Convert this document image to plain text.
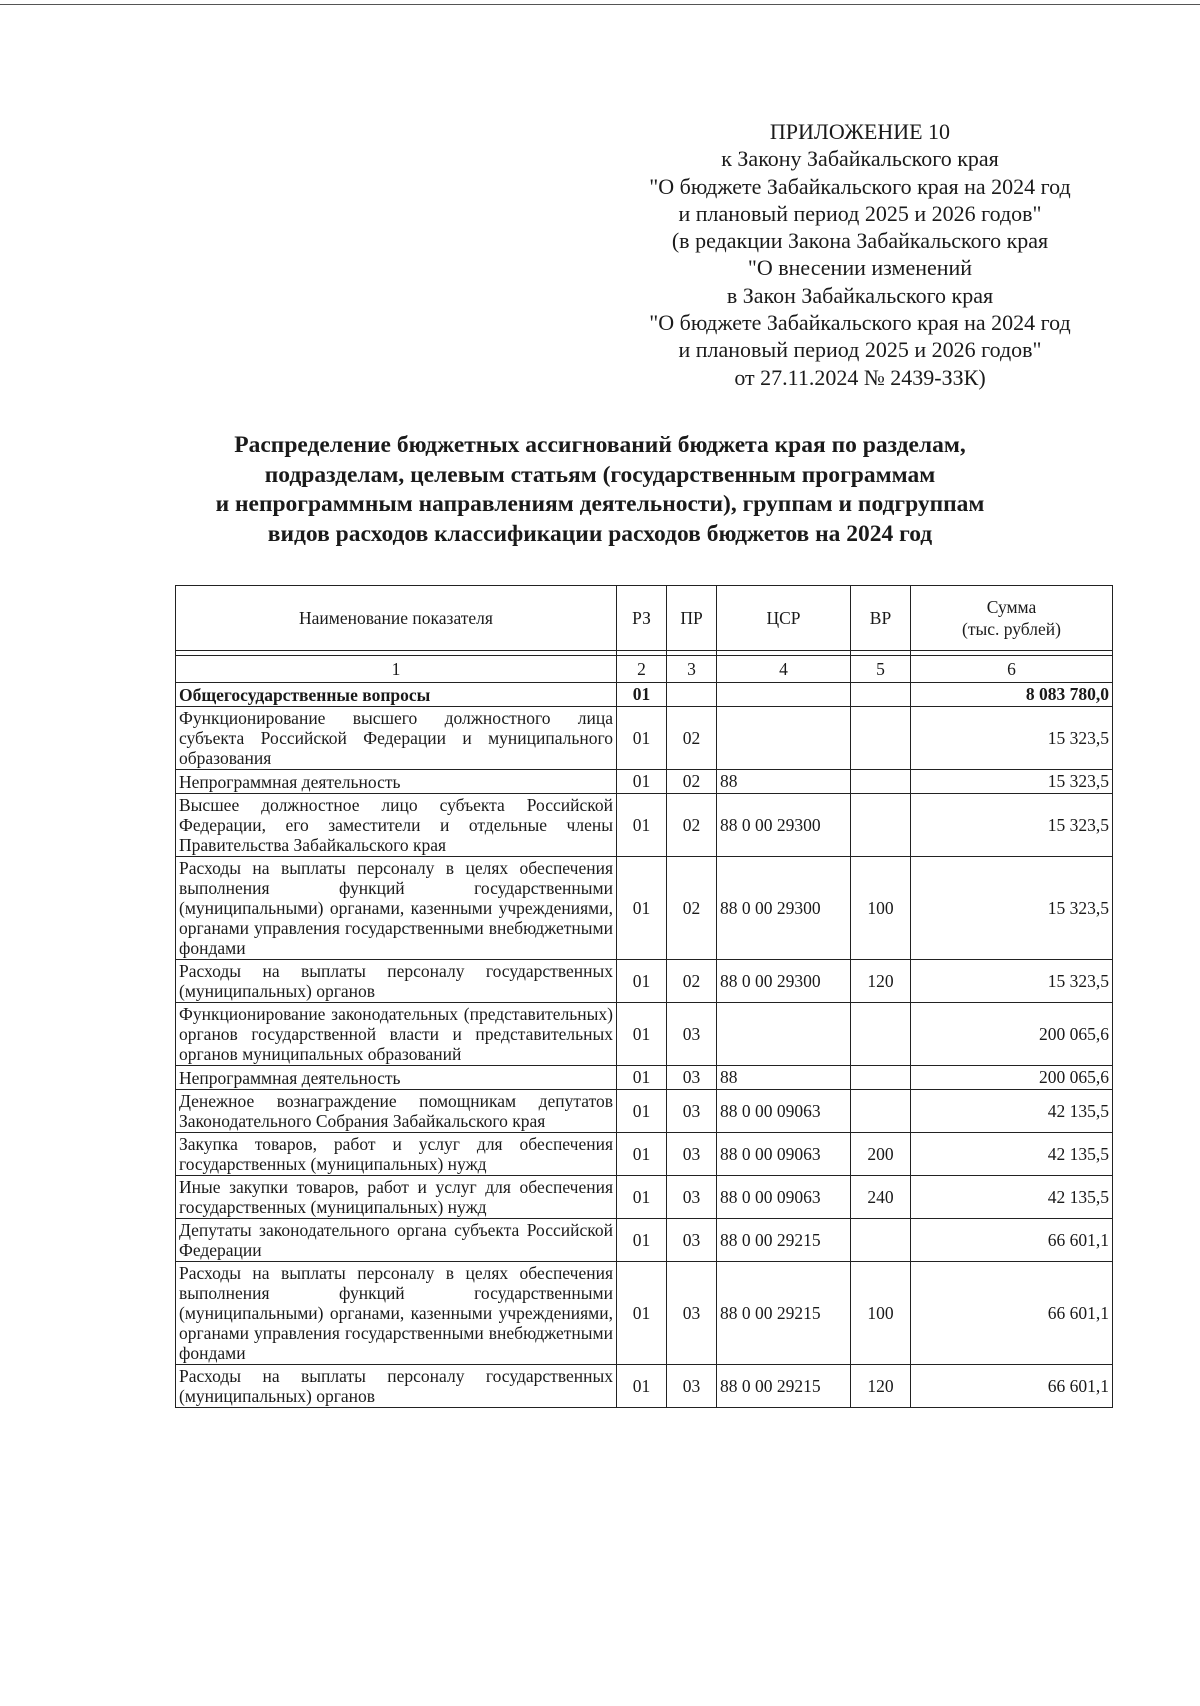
ПРИЛОЖЕНИЕ 10
к Закону Забайкальского края
"О бюджете Забайкальского края на 2024 год
и плановый период 2025 и 2026 годов"
(в редакции Закона Забайкальского края
"О внесении изменений
в Закон Забайкальского края
"О бюджете Забайкальского края на 2024 год
и плановый период 2025 и 2026 годов"
от 27.11.2024 № 2439-ЗЗК)
Распределение бюджетных ассигнований бюджета края по разделам,
подразделам, целевым статьям (государственным программам
и непрограммным направлениям деятельности), группам и подгруппам
видов расходов классификации расходов бюджетов на 2024 год
Наименование показателя	РЗ	ПР	ЦСР	ВР	Сумма
(тыс. рублей)

1	2	3	4	5	6
Общегосударственные вопросы	01				8 083 780,0
Функционирование высшего должностного лица субъекта Российской Федерации и муниципального образования	01	02			15 323,5
Непрограммная деятельность	01	02	88		15 323,5
Высшее должностное лицо субъекта Российской Федерации, его заместители и отдельные члены Правительства Забайкальского края	01	02	88 0 00 29300		15 323,5
Расходы на выплаты персоналу в целях обеспечения выполнения функций государственными (муниципальными) органами, казенными учреждениями, органами управления государственными внебюджетными фондами	01	02	88 0 00 29300	100	15 323,5
Расходы на выплаты персоналу государственных (муниципальных) органов	01	02	88 0 00 29300	120	15 323,5
Функционирование законодательных (представительных) органов государственной власти и представительных органов муниципальных образований	01	03			200 065,6
Непрограммная деятельность	01	03	88		200 065,6
Денежное вознаграждение помощникам депутатов Законодательного Собрания Забайкальского края	01	03	88 0 00 09063		42 135,5
Закупка товаров, работ и услуг для обеспечения государственных (муниципальных) нужд	01	03	88 0 00 09063	200	42 135,5
Иные закупки товаров, работ и услуг для обеспечения государственных (муниципальных) нужд	01	03	88 0 00 09063	240	42 135,5
Депутаты законодательного органа субъекта Российской Федерации	01	03	88 0 00 29215		66 601,1
Расходы на выплаты персоналу в целях обеспечения выполнения функций государственными (муниципальными) органами, казенными учреждениями, органами управления государственными внебюджетными фондами	01	03	88 0 00 29215	100	66 601,1
Расходы на выплаты персоналу государственных (муниципальных) органов	01	03	88 0 00 29215	120	66 601,1
